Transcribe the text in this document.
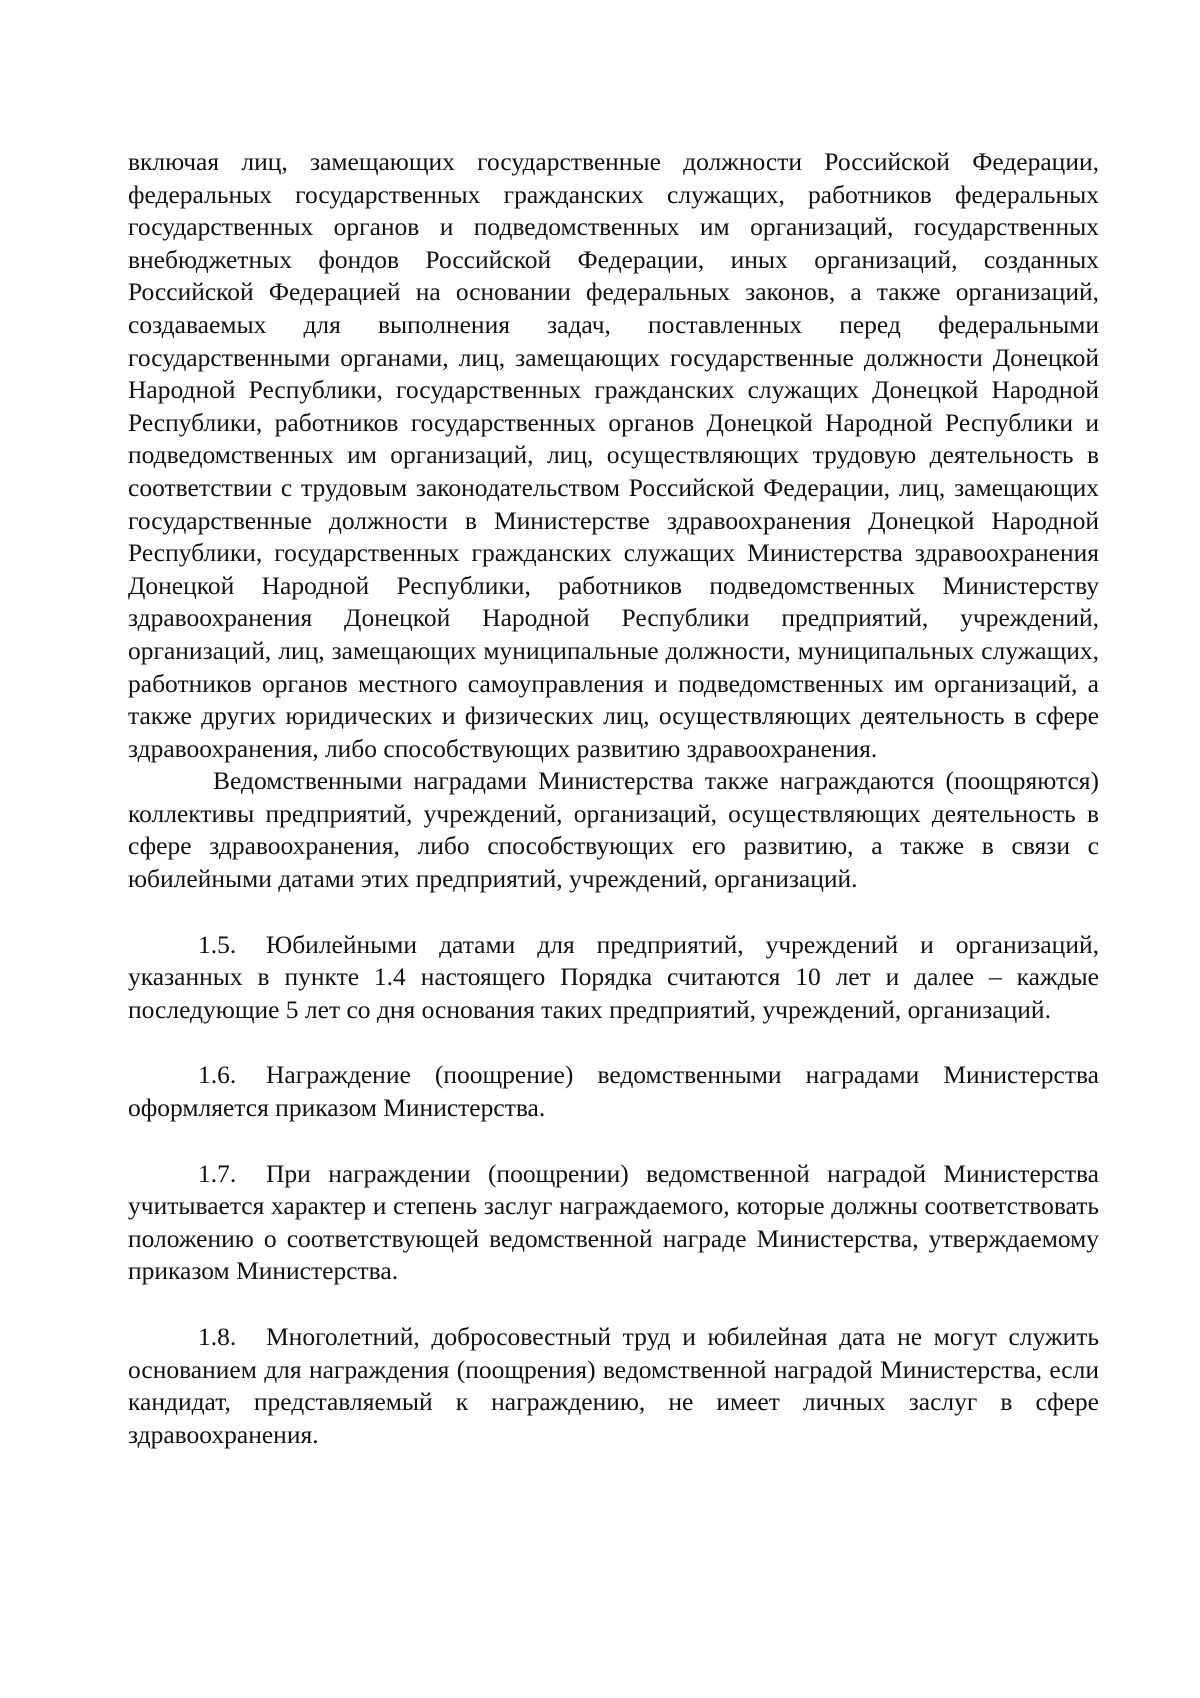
включая лиц, замещающих государственные должности Российской Федерации, федеральных государственных гражданских служащих, работников федеральных государственных органов и подведомственных им организаций, государственных внебюджетных фондов Российской Федерации, иных организаций, созданных Российской Федерацией на основании федеральных законов, а также организаций, создаваемых для выполнения задач, поставленных перед федеральными государственными органами, лиц, замещающих государственные должности Донецкой Народной Республики, государственных гражданских служащих Донецкой Народной Республики, работников государственных органов Донецкой Народной Республики и подведомственных им организаций, лиц, осуществляющих трудовую деятельность в соответствии с трудовым законодательством Российской Федерации, лиц, замещающих государственные должности в Министерстве здравоохранения Донецкой Народной Республики, государственных гражданских служащих Министерства здравоохранения Донецкой Народной Республики, работников подведомственных Министерству здравоохранения Донецкой Народной Республики предприятий, учреждений, организаций, лиц, замещающих муниципальные должности, муниципальных служащих, работников органов местного самоуправления и подведомственных им организаций, а также других юридических и физических лиц, осуществляющих деятельность в сфере здравоохранения, либо способствующих развитию здравоохранения.

Ведомственными наградами Министерства также награждаются (поощряются) коллективы предприятий, учреждений, организаций, осуществляющих деятельность в сфере здравоохранения, либо способствующих его развитию, а также в связи с юбилейными датами этих предприятий, учреждений, организаций.

1.5. Юбилейными датами для предприятий, учреждений и организаций, указанных в пункте 1.4 настоящего Порядка считаются 10 лет и далее – каждые последующие 5 лет со дня основания таких предприятий, учреждений, организаций.

1.6. Награждение (поощрение) ведомственными наградами Министерства оформляется приказом Министерства.

1.7. При награждении (поощрении) ведомственной наградой Министерства учитывается характер и степень заслуг награждаемого, которые должны соответствовать положению о соответствующей ведомственной награде Министерства, утверждаемому приказом Министерства.

1.8. Многолетний, добросовестный труд и юбилейная дата не могут служить основанием для награждения (поощрения) ведомственной наградой Министерства, если кандидат, представляемый к награждению, не имеет личных заслуг в сфере здравоохранения.
